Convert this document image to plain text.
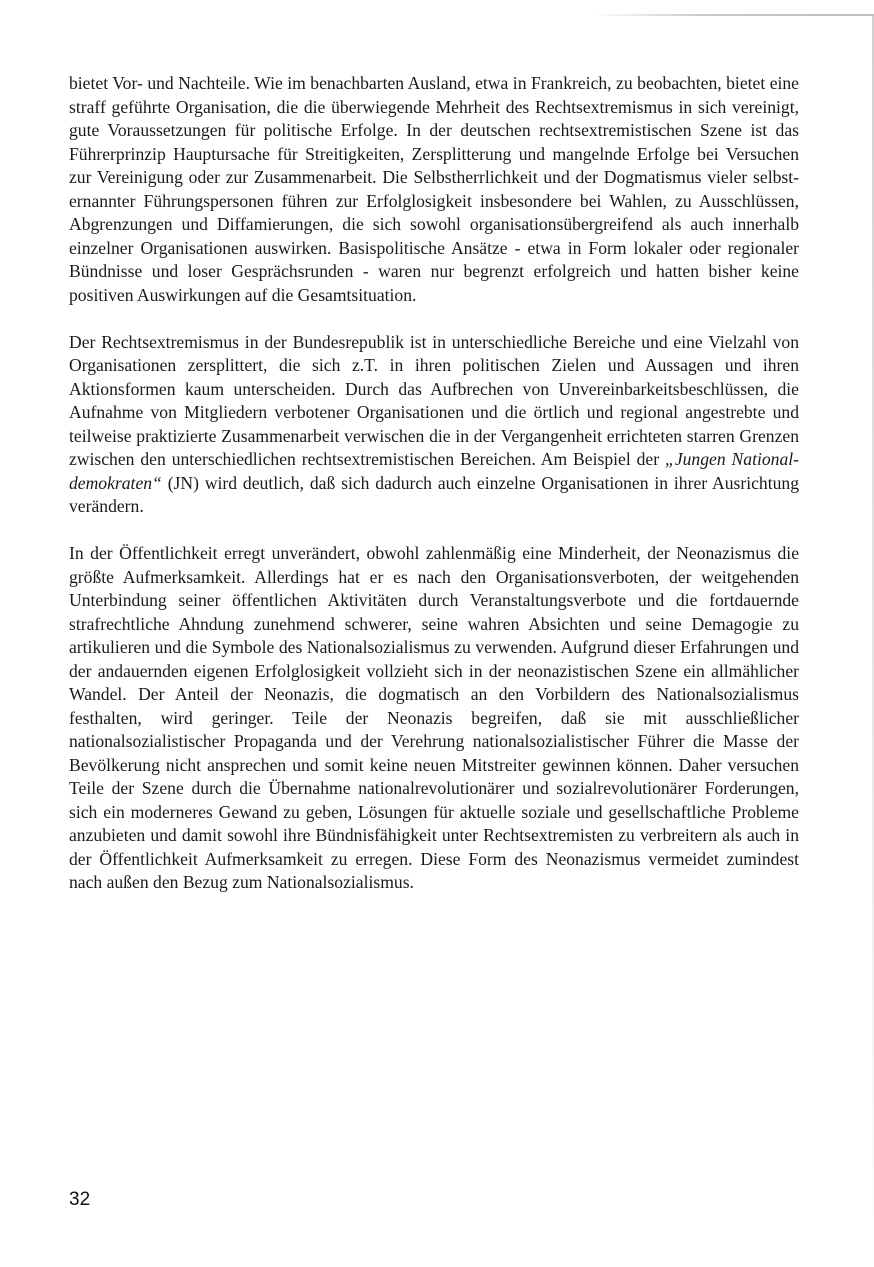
bietet Vor- und Nachteile. Wie im benachbarten Ausland, etwa in Frankreich, zu beobachten, bietet eine straff geführte Organisation, die die überwiegende Mehrheit des Rechtsextremismus in sich vereinigt, gute Voraussetzungen für politische Erfolge. In der deutschen rechtsextremistischen Szene ist das Führerprinzip Hauptursache für Streitigkeiten, Zersplitterung und mangelnde Erfolge bei Versuchen zur Vereinigung oder zur Zusammenarbeit. Die Selbstherrlichkeit und der Dogmatismus vieler selbsternannter Führungspersonen führen zur Erfolglosigkeit insbesondere bei Wahlen, zu Ausschlüssen, Abgrenzungen und Diffamierungen, die sich sowohl organisationsübergreifend als auch innerhalb einzelner Organisationen auswirken. Basispolitische Ansätze - etwa in Form lokaler oder regionaler Bündnisse und loser Gesprächsrunden - waren nur begrenzt erfolgreich und hatten bisher keine positiven Auswirkungen auf die Gesamtsituation.

Der Rechtsextremismus in der Bundesrepublik ist in unterschiedliche Bereiche und eine Vielzahl von Organisationen zersplittert, die sich z.T. in ihren politischen Zielen und Aussagen und ihren Aktionsformen kaum unterscheiden. Durch das Aufbrechen von Unvereinbarkeitsbeschlüssen, die Aufnahme von Mitgliedern verbotener Organisationen und die örtlich und regional angestrebte und teilweise praktizierte Zusammenarbeit verwischen die in der Vergangenheit errichteten starren Grenzen zwischen den unterschiedlichen rechtsextremistischen Bereichen. Am Beispiel der „Jungen Nationaldemokraten“ (JN) wird deutlich, daß sich dadurch auch einzelne Organisationen in ihrer Ausrichtung verändern.

In der Öffentlichkeit erregt unverändert, obwohl zahlenmäßig eine Minderheit, der Neonazismus die größte Aufmerksamkeit. Allerdings hat er es nach den Organisationsverboten, der weitgehenden Unterbindung seiner öffentlichen Aktivitäten durch Veranstaltungsverbote und die fortdauernde strafrechtliche Ahndung zunehmend schwerer, seine wahren Absichten und seine Demagogie zu artikulieren und die Symbole des Nationalsozialismus zu verwenden. Aufgrund dieser Erfahrungen und der andauernden eigenen Erfolglosigkeit vollzieht sich in der neonazistischen Szene ein allmählicher Wandel. Der Anteil der Neonazis, die dogmatisch an den Vorbildern des Nationalsozialismus festhalten, wird geringer. Teile der Neonazis begreifen, daß sie mit ausschließlicher nationalsozialistischer Propaganda und der Verehrung nationalsozialistischer Führer die Masse der Bevölkerung nicht ansprechen und somit keine neuen Mitstreiter gewinnen können. Daher versuchen Teile der Szene durch die Übernahme nationalrevolutionärer und sozialrevolutionärer Forderungen, sich ein moderneres Gewand zu geben, Lösungen für aktuelle soziale und gesellschaftliche Probleme anzubieten und damit sowohl ihre Bündnisfähigkeit unter Rechtsextremisten zu verbreitern als auch in der Öffentlichkeit Aufmerksamkeit zu erregen. Diese Form des Neonazismus vermeidet zumindest nach außen den Bezug zum Nationalsozialismus.

32
